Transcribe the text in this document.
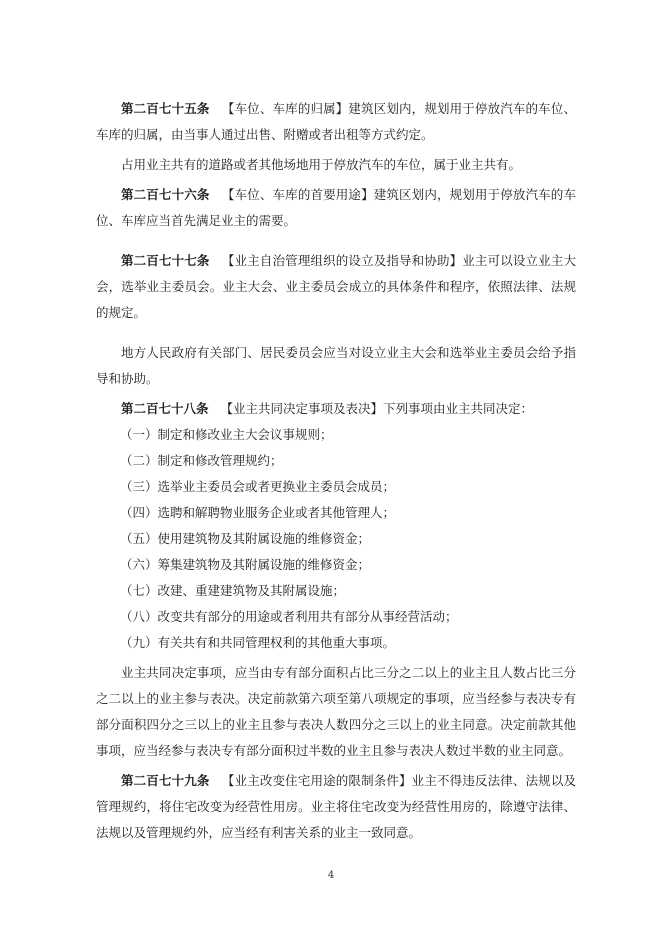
第二百七十五条 【车位、车库的归属】建筑区划内，规划用于停放汽车的车位、车库的归属，由当事人通过出售、附赠或者出租等方式约定。

占用业主共有的道路或者其他场地用于停放汽车的车位，属于业主共有。

第二百七十六条 【车位、车库的首要用途】建筑区划内，规划用于停放汽车的车位、车库应当首先满足业主的需要。

第二百七十七条 【业主自治管理组织的设立及指导和协助】业主可以设立业主大会，选举业主委员会。业主大会、业主委员会成立的具体条件和程序，依照法律、法规的规定。

地方人民政府有关部门、居民委员会应当对设立业主大会和选举业主委员会给予指导和协助。

第二百七十八条 【业主共同决定事项及表决】下列事项由业主共同决定：

（一）制定和修改业主大会议事规则；

（二）制定和修改管理规约；

（三）选举业主委员会或者更换业主委员会成员；

（四）选聘和解聘物业服务企业或者其他管理人；

（五）使用建筑物及其附属设施的维修资金；

（六）筹集建筑物及其附属设施的维修资金；

（七）改建、重建建筑物及其附属设施；

（八）改变共有部分的用途或者利用共有部分从事经营活动；

（九）有关共有和共同管理权利的其他重大事项。

业主共同决定事项，应当由专有部分面积占比三分之二以上的业主且人数占比三分之二以上的业主参与表决。决定前款第六项至第八项规定的事项，应当经参与表决专有部分面积四分之三以上的业主且参与表决人数四分之三以上的业主同意。决定前款其他事项，应当经参与表决专有部分面积过半数的业主且参与表决人数过半数的业主同意。

第二百七十九条 【业主改变住宅用途的限制条件】业主不得违反法律、法规以及管理规约，将住宅改变为经营性用房。业主将住宅改变为经营性用房的，除遵守法律、法规以及管理规约外，应当经有利害关系的业主一致同意。

4
